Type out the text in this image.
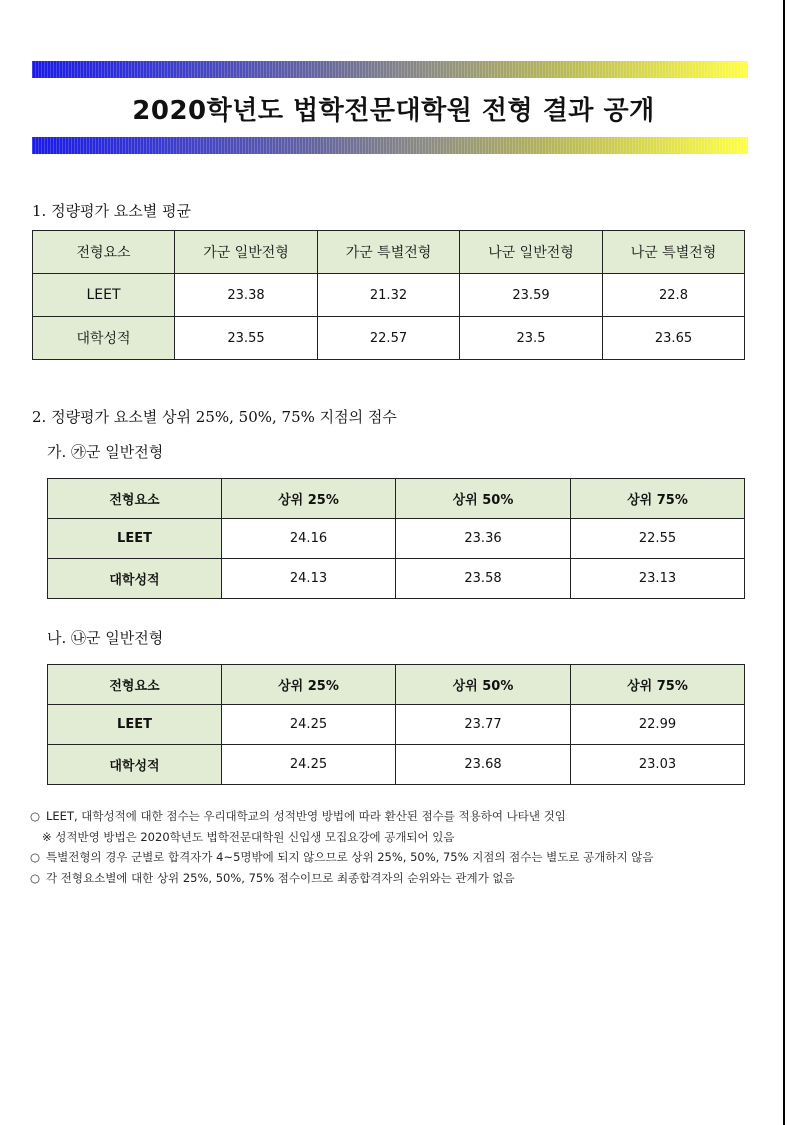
2020학년도 법학전문대학원 전형 결과 공개
1. 정량평가 요소별 평균
전형요소	가군 일반전형	가군 특별전형	나군 일반전형	나군 특별전형
LEET	23.38	21.32	23.59	22.8
대학성적	23.55	22.57	23.5	23.65
2. 정량평가 요소별 상위 25%, 50%, 75% 지점의 점수
가. ㉮군 일반전형
전형요소	상위 25%	상위 50%	상위 75%
LEET	24.16	23.36	22.55
대학성적	24.13	23.58	23.13
나. ㉯군 일반전형
전형요소	상위 25%	상위 50%	상위 75%
LEET	24.25	23.77	22.99
대학성적	24.25	23.68	23.03
○ LEET, 대학성적에 대한 점수는 우리대학교의 성적반영 방법에 따라 환산된 점수를 적용하여 나타낸 것임
※ 성적반영 방법은 2020학년도 법학전문대학원 신입생 모집요강에 공개되어 있음
○ 특별전형의 경우 군별로 합격자가 4~5명밖에 되지 않으므로 상위 25%, 50%, 75% 지점의 점수는 별도로 공개하지 않음
○ 각 전형요소별에 대한 상위 25%, 50%, 75% 점수이므로 최종합격자의 순위와는 관계가 없음
